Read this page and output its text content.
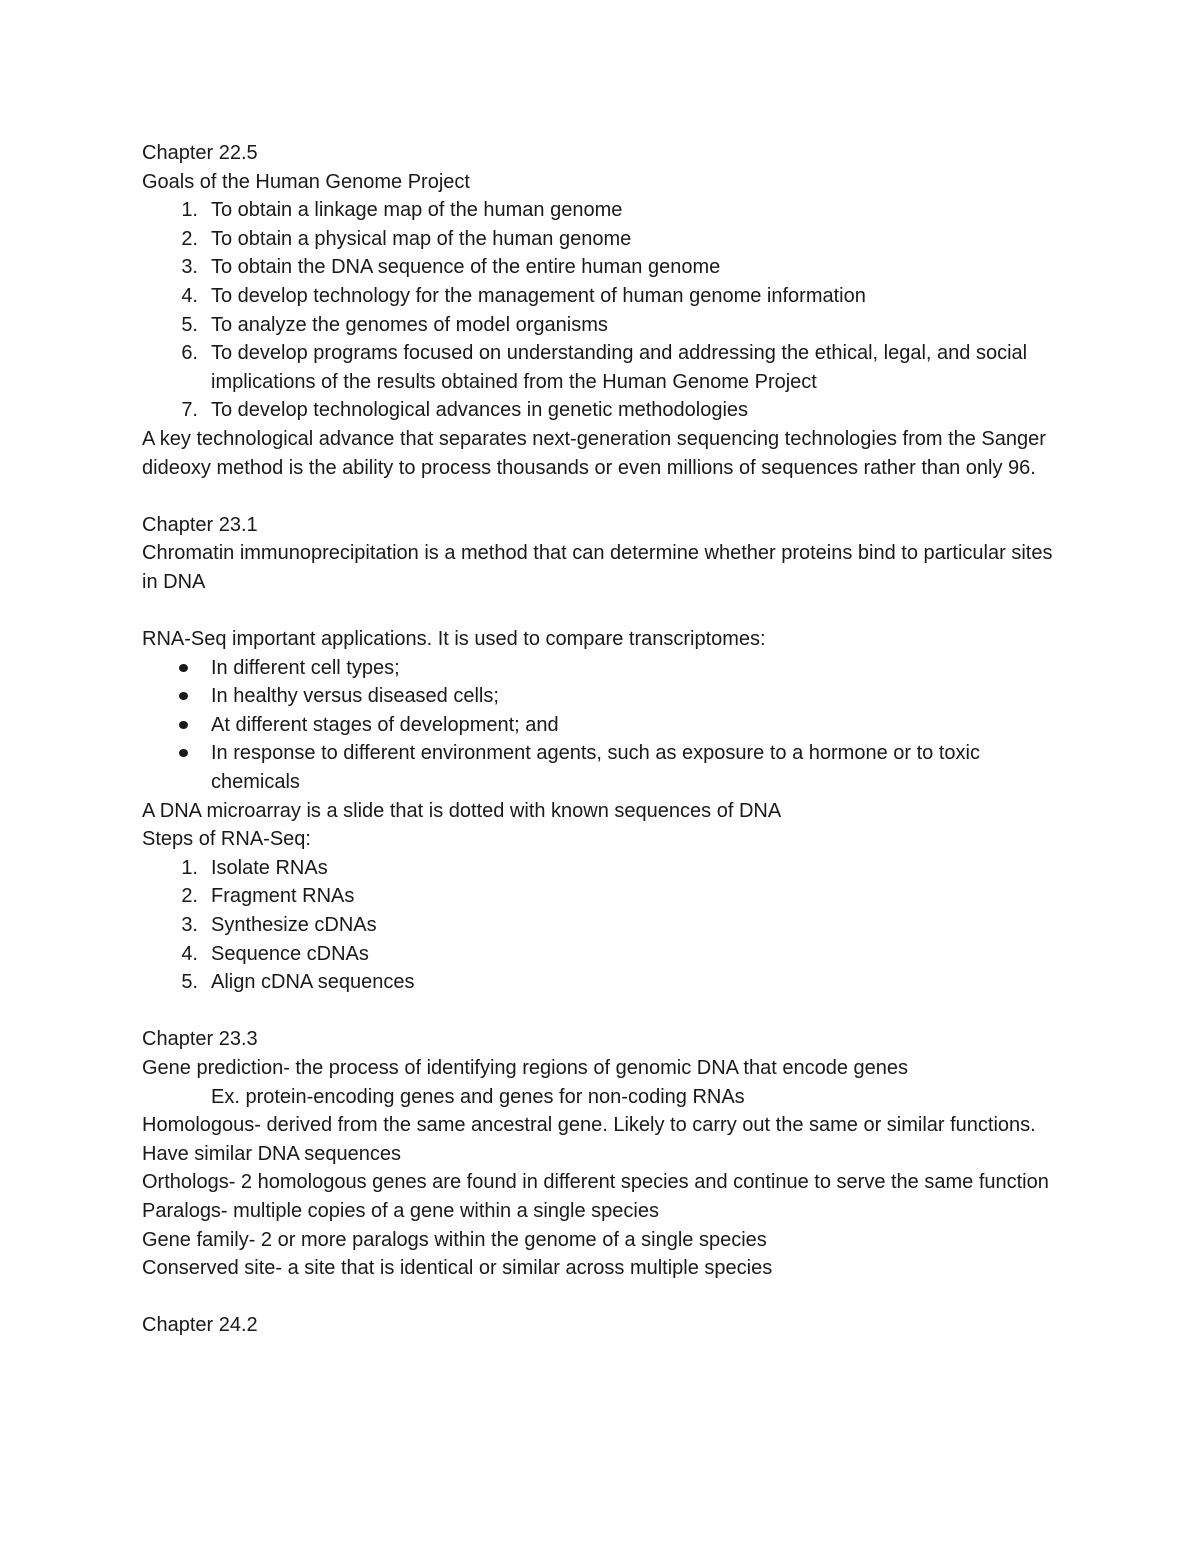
Chapter 22.5

Goals of the Human Genome Project

1. To obtain a linkage map of the human genome
2. To obtain a physical map of the human genome
3. To obtain the DNA sequence of the entire human genome
4. To develop technology for the management of human genome information
5. To analyze the genomes of model organisms
6. To develop programs focused on understanding and addressing the ethical, legal, and social implications of the results obtained from the Human Genome Project
7. To develop technological advances in genetic methodologies

A key technological advance that separates next-generation sequencing technologies from the Sanger dideoxy method is the ability to process thousands or even millions of sequences rather than only 96.

Chapter 23.1

Chromatin immunoprecipitation is a method that can determine whether proteins bind to particular sites in DNA

RNA-Seq important applications. It is used to compare transcriptomes:

In different cell types;
In healthy versus diseased cells;
At different stages of development; and
In response to different environment agents, such as exposure to a hormone or to toxic chemicals

A DNA microarray is a slide that is dotted with known sequences of DNA

Steps of RNA-Seq:

1. Isolate RNAs
2. Fragment RNAs
3. Synthesize cDNAs
4. Sequence cDNAs
5. Align cDNA sequences

Chapter 23.3

Gene prediction- the process of identifying regions of genomic DNA that encode genes

Ex. protein-encoding genes and genes for non-coding RNAs

Homologous- derived from the same ancestral gene. Likely to carry out the same or similar functions. Have similar DNA sequences

Orthologs- 2 homologous genes are found in different species and continue to serve the same function

Paralogs- multiple copies of a gene within a single species

Gene family- 2 or more paralogs within the genome of a single species

Conserved site- a site that is identical or similar across multiple species

Chapter 24.2
